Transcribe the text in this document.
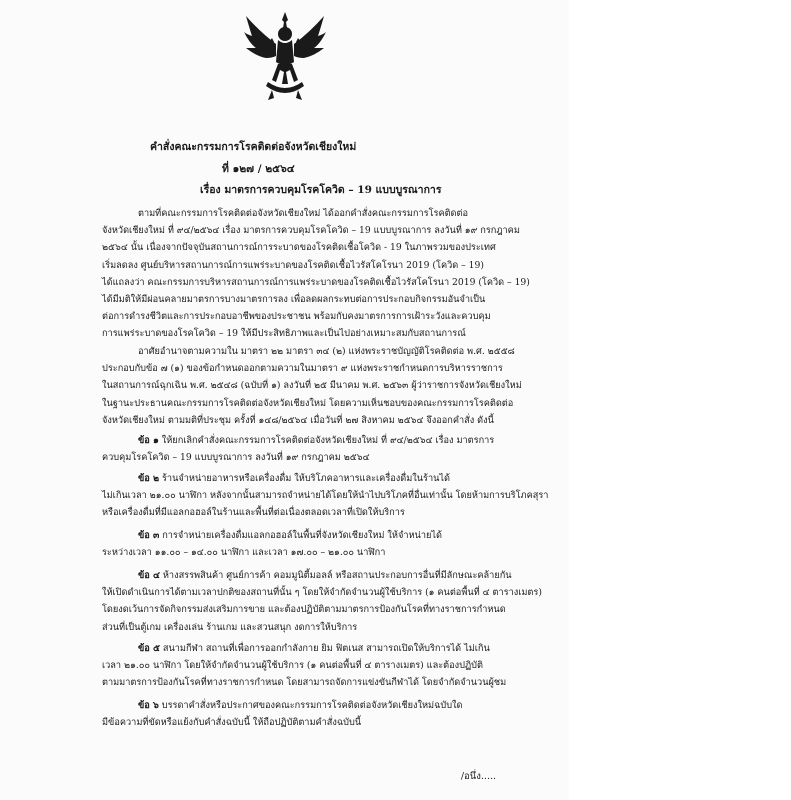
คำสั่งคณะกรรมการโรคติดต่อจังหวัดเชียงใหม่
ที่ ๑๒๗ / ๒๕๖๔
เรื่อง มาตรการควบคุมโรคโควิด – 19 แบบบูรณาการ
ตามที่คณะกรรมการโรคติดต่อจังหวัดเชียงใหม่ ได้ออกคำสั่งคณะกรรมการโรคติดต่อ
จังหวัดเชียงใหม่ ที่ ๙๔/๒๕๖๔ เรื่อง มาตรการควบคุมโรคโควิด – 19 แบบบูรณาการ ลงวันที่ ๑๙ กรกฎาคม
๒๕๖๔ นั้น เนื่องจากปัจจุบันสถานการณ์การระบาดของโรคติดเชื้อโควิด - 19 ในภาพรวมของประเทศ
เริ่มลดลง ศูนย์บริหารสถานการณ์การแพร่ระบาดของโรคติดเชื้อไวรัสโคโรนา 2019 (โควิด – 19)
ได้แถลงว่า คณะกรรมการบริหารสถานการณ์การแพร่ระบาดของโรคติดเชื้อไวรัสโคโรนา 2019 (โควิด – 19)
ได้มีมติให้มีผ่อนคลายมาตรการบางมาตรการลง เพื่อลดผลกระทบต่อการประกอบกิจกรรมอันจำเป็น
ต่อการดำรงชีวิตและการประกอบอาชีพของประชาชน พร้อมกับคงมาตรการการเฝ้าระวังและควบคุม
การแพร่ระบาดของโรคโควิด – 19 ให้มีประสิทธิภาพและเป็นไปอย่างเหมาะสมกับสถานการณ์
อาศัยอำนาจตามความใน มาตรา ๒๒ มาตรา ๓๔ (๒) แห่งพระราชบัญญัติโรคติดต่อ พ.ศ. ๒๕๕๘
ประกอบกับข้อ ๗ (๑) ของข้อกำหนดออกตามความในมาตรา ๙ แห่งพระราชกำหนดการบริหารราชการ
ในสถานการณ์ฉุกเฉิน พ.ศ. ๒๕๔๘ (ฉบับที่ ๑) ลงวันที่ ๒๕ มีนาคม พ.ศ. ๒๕๖๓ ผู้ว่าราชการจังหวัดเชียงใหม่
ในฐานะประธานคณะกรรมการโรคติดต่อจังหวัดเชียงใหม่ โดยความเห็นชอบของคณะกรรมการโรคติดต่อ
จังหวัดเชียงใหม่ ตามมติที่ประชุม ครั้งที่ ๑๔๘/๒๕๖๔ เมื่อวันที่ ๒๗ สิงหาคม ๒๕๖๔ จึงออกคำสั่ง ดังนี้
ข้อ ๑ ให้ยกเลิกคำสั่งคณะกรรมการโรคติดต่อจังหวัดเชียงใหม่ ที่ ๙๔/๒๕๖๔ เรื่อง มาตรการ
ควบคุมโรคโควิด – 19 แบบบูรณาการ ลงวันที่ ๑๙ กรกฎาคม ๒๕๖๔
ข้อ ๒ ร้านจำหน่ายอาหารหรือเครื่องดื่ม ให้บริโภคอาหารและเครื่องดื่มในร้านได้
ไม่เกินเวลา ๒๑.๐๐ นาฬิกา หลังจากนั้นสามารถจำหน่ายได้โดยให้นำไปบริโภคที่อื่นเท่านั้น โดยห้ามการบริโภคสุรา
หรือเครื่องดื่มที่มีแอลกอฮอล์ในร้านและพื้นที่ต่อเนื่องตลอดเวลาที่เปิดให้บริการ
ข้อ ๓ การจำหน่ายเครื่องดื่มแอลกอฮอล์ในพื้นที่จังหวัดเชียงใหม่ ให้จำหน่ายได้
ระหว่างเวลา ๑๑.๐๐ – ๑๔.๐๐ นาฬิกา และเวลา ๑๗.๐๐ – ๒๑.๐๐ นาฬิกา
ข้อ ๔ ห้างสรรพสินค้า ศูนย์การค้า คอมมูนิตี้มอลล์ หรือสถานประกอบการอื่นที่มีลักษณะคล้ายกัน
ให้เปิดดำเนินการได้ตามเวลาปกติของสถานที่นั้น ๆ โดยให้จำกัดจำนวนผู้ใช้บริการ (๑ คนต่อพื้นที่ ๔ ตารางเมตร)
โดยงดเว้นการจัดกิจกรรมส่งเสริมการขาย และต้องปฏิบัติตามมาตรการป้องกันโรคที่ทางราชการกำหนด
ส่วนที่เป็นตู้เกม เครื่องเล่น ร้านเกม และสวนสนุก งดการให้บริการ
ข้อ ๕ สนามกีฬา สถานที่เพื่อการออกกำลังกาย ยิม ฟิตเนส สามารถเปิดให้บริการได้ ไม่เกิน
เวลา ๒๑.๐๐ นาฬิกา โดยให้จำกัดจำนวนผู้ใช้บริการ (๑ คนต่อพื้นที่ ๔ ตารางเมตร) และต้องปฏิบัติ
ตามมาตรการป้องกันโรคที่ทางราชการกำหนด โดยสามารถจัดการแข่งขันกีฬาได้ โดยจำกัดจำนวนผู้ชม
ข้อ ๖ บรรดาคำสั่งหรือประกาศของคณะกรรมการโรคติดต่อจังหวัดเชียงใหม่ฉบับใด
มีข้อความที่ขัดหรือแย้งกับคำสั่งฉบับนี้ ให้ถือปฏิบัติตามคำสั่งฉบับนี้
/อนึ่ง.....
